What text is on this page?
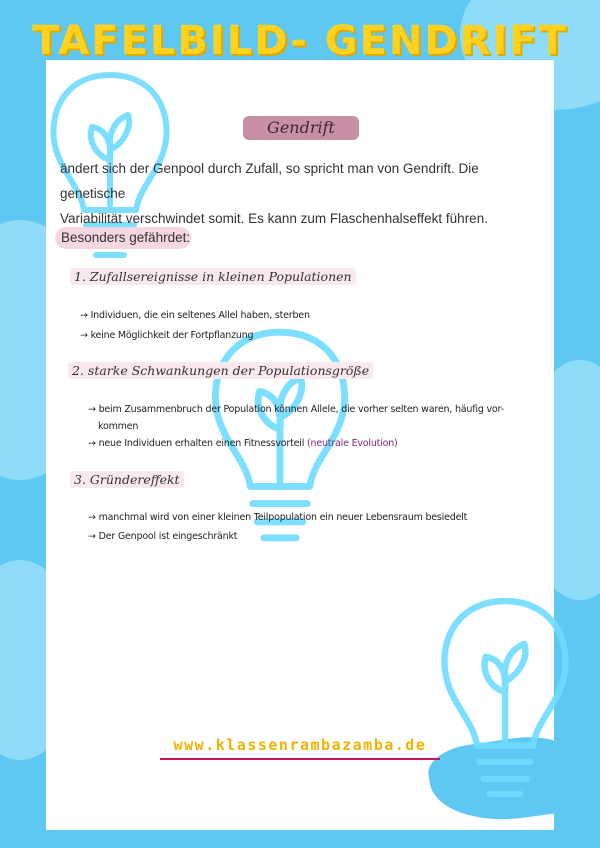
TAFELBILD- GENDRIFT
Gendrift
ändert sich der Genpool durch Zufall, so spricht man von Gendrift. Die genetische
Variabilität verschwindet somit. Es kann zum Flaschenhalseffekt führen.
Besonders gefährdet:
1. Zufallsereignisse in kleinen Populationen
→ Individuen, die ein seltenes Allel haben, sterben
→ keine Möglichkeit der Fortpflanzung
2. starke Schwankungen der Populationsgröße
→ beim Zusammenbruch der Population können Allele, die vorher selten waren, häufig vor-
kommen
→ neue Individuen erhalten einen Fitnessvorteil (neutrale Evolution)
3. Gründereffekt
→ manchmal wird von einer kleinen Teilpopulation ein neuer Lebensraum besiedelt
→ Der Genpool ist eingeschränkt
www.klassenrambazamba.de
